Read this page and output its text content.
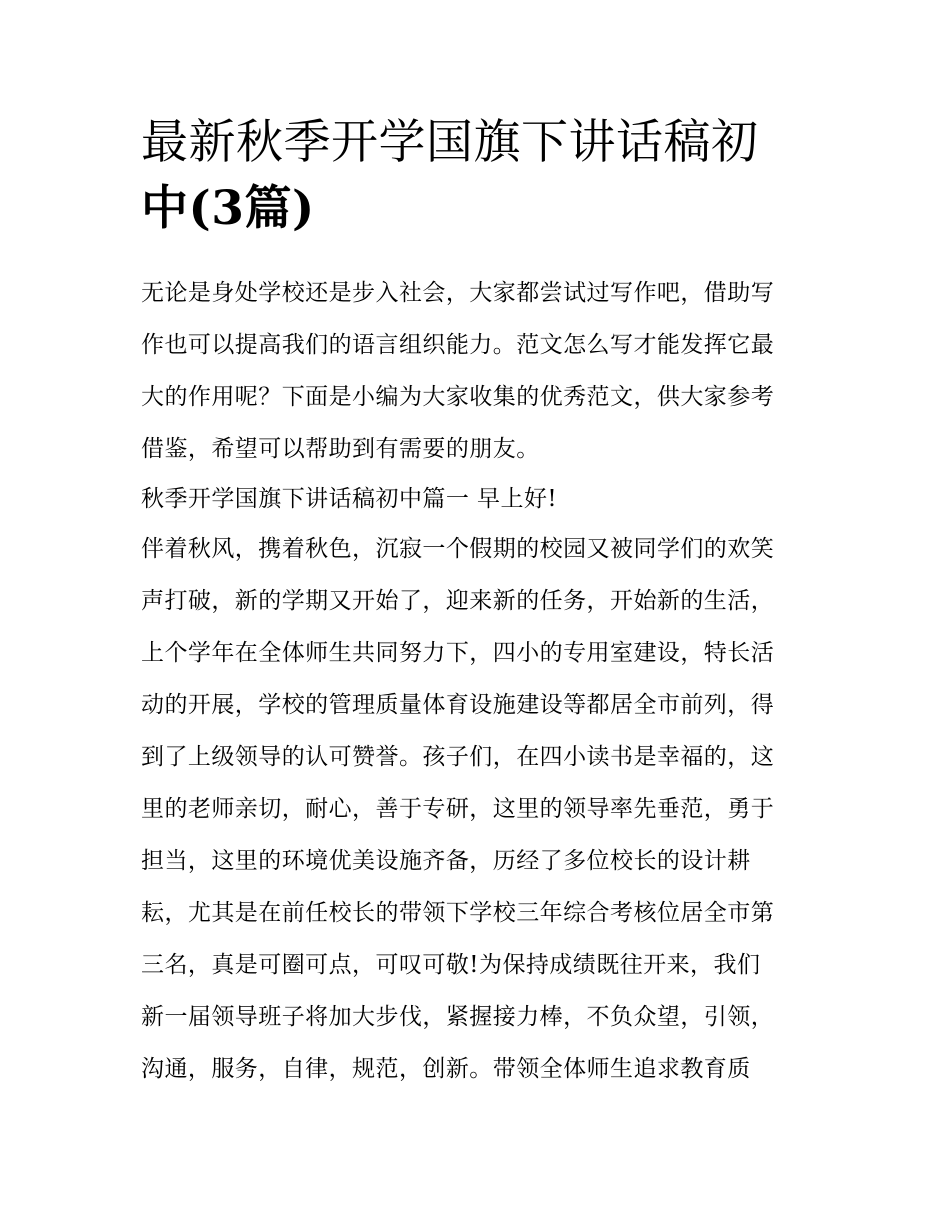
最新秋季开学国旗下讲话稿初
中(3篇)
无论是身处学校还是步入社会，大家都尝试过写作吧，借助写
作也可以提高我们的语言组织能力。范文怎么写才能发挥它最
大的作用呢？下面是小编为大家收集的优秀范文，供大家参考
借鉴，希望可以帮助到有需要的朋友。
秋季开学国旗下讲话稿初中篇一 早上好!
伴着秋风，携着秋色，沉寂一个假期的校园又被同学们的欢笑
声打破，新的学期又开始了，迎来新的任务，开始新的生活，
上个学年在全体师生共同努力下，四小的专用室建设，特长活
动的开展，学校的管理质量体育设施建设等都居全市前列，得
到了上级领导的认可赞誉。孩子们，在四小读书是幸福的，这
里的老师亲切，耐心，善于专研，这里的领导率先垂范，勇于
担当，这里的环境优美设施齐备，历经了多位校长的设计耕
耘，尤其是在前任校长的带领下学校三年综合考核位居全市第
三名，真是可圈可点，可叹可敬!为保持成绩既往开来，我们
新一届领导班子将加大步伐，紧握接力棒，不负众望，引领，
沟通，服务，自律，规范，创新。带领全体师生追求教育质
